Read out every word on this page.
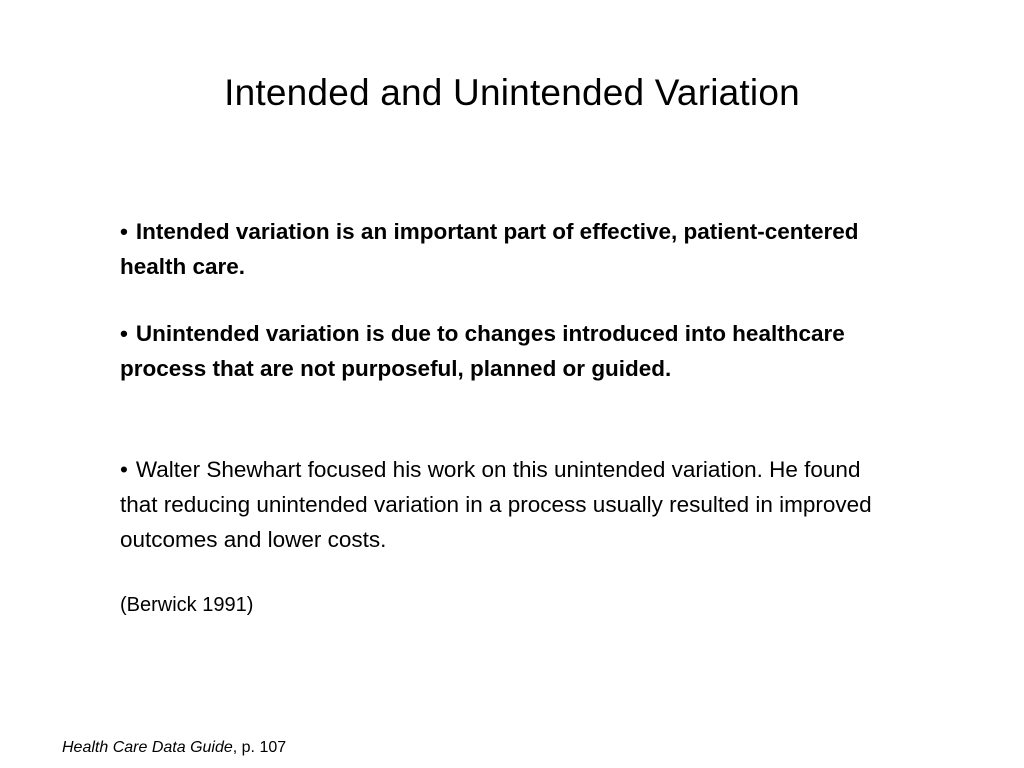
Intended and Unintended Variation
• Intended variation is an important part of effective, patient-centered health care.
• Unintended variation is due to changes introduced into healthcare process that are not purposeful, planned or guided.
• Walter Shewhart focused his work on this unintended variation. He found that reducing unintended variation in a process usually resulted in improved outcomes and lower costs.
(Berwick 1991)
Health Care Data Guide, p. 107
